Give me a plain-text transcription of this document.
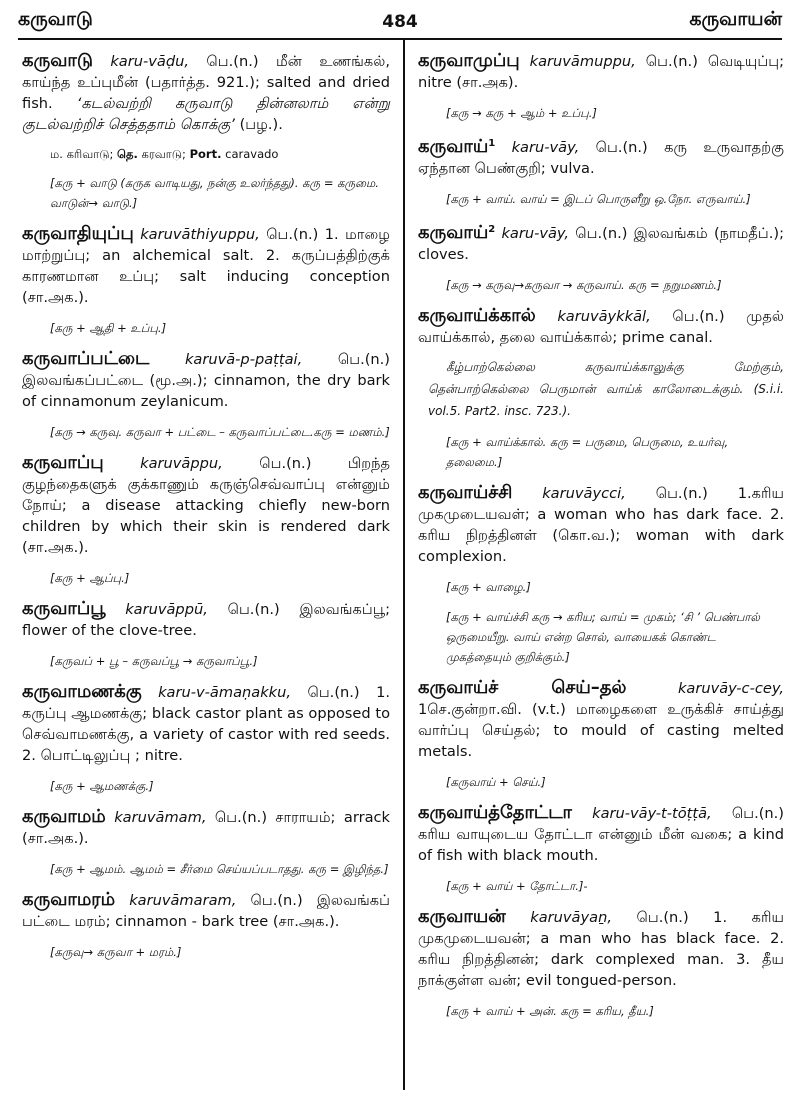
கருவாடு	484	கருவாயன்

கருவாடு karu-vāḍu, பெ.(n.) மீன் உணங்கல், காய்ந்த உப்புமீன் (பதார்த்த. 921.); salted and dried fish. ‘கடல்வற்றி கருவாடு தின்னலாம் என்று குடல்வற்றிச் செத்ததாம் கொக்கு’ (பழ.).

ம. கரிவாடு; தெ. கரவாடு; Port. caravado
[கரு + வாடு (கருக வாடியது, நன்கு உலர்ந்தது). கரு = கருமை. வாடுன்→ வாடு.]

கருவாதியுப்பு karuvāthiyuppu, பெ.(n.) 1. மாழை மாற்றுப்பு; an alchemical salt. 2. கருப்பத்திற்குக் காரணமான உப்பு; salt inducing conception (சா.அக.).

[கரு + ஆதி + உப்பு.]

கருவாப்பட்டை karuvā-p-paṭṭai, பெ.(n.) இலவங்கப்பட்டை (மூ.அ.); cinnamon, the dry bark of cinnamonum zeylanicum.

[கரு → கருவு. கருவா + பட்டை – கருவாப்பட்டை.கரு = மணம்.]

கருவாப்பு	karuvāppu, பெ.(n.) பிறந்த குழந்தைகளுக் குக்காணும் கருஞ்செவ்வாப்பு என்னும் நோய்; a disease attacking chiefly new-born children by which their skin is rendered dark (சா.அக.).

[கரு + ஆப்பு.]

கருவாப்பூ karuvāppū, பெ.(n.) இலவங்கப்பூ; flower of the clove-tree.

[கருவப் + பூ – கருவப்பூ → கருவாப்பூ.]

கருவாமணக்கு karu-v-āmaṇakku, பெ.(n.) 1. கருப்பு ஆமணக்கு; black castor plant as opposed to செவ்வாமணக்கு, a variety of castor with red seeds. 2. பொட்டிலுப்பு ; nitre.

[கரு + ஆமணக்கு.]

கருவாமம் karuvāmam, பெ.(n.) சாராயம்; arrack (சா.அக.).

[கரு + ஆமம். ஆமம் = சீர்மை செய்யப்படாதது. கரு = இழிந்த.]

கருவாமரம் karuvāmaram, பெ.(n.) இலவங்கப் பட்டை மரம்; cinnamon - bark tree (சா.அக.).

[கருவு→ கருவா + மரம்.]

கருவாமுப்பு karuvāmuppu, பெ.(n.) வெடியுப்பு; nitre (சா.அக).

[கரு → கரு + ஆம் + உப்பு.]

கருவாய்$^1$ karu-vāy, பெ.(n.) கரு உருவாதற்கு ஏந்தான பெண்குறி; vulva.

[கரு + வாய். வாய் = இடப் பொருளீறு ஒ.நோ. எருவாய்.]

கருவாய்$^2$ karu-vāy, பெ.(n.) இலவங்கம் (நாமதீப்.); cloves.

[கரு → கருவு→கருவா → கருவாய். கரு = நறுமணம்.]

கருவாய்க்கால் karuvāykkāl, பெ.(n.) முதல் வாய்க்கால், தலை வாய்க்கால்; prime canal.

கீழ்பாற்கெல்லை கருவாய்க்காலுக்கு மேற்கும், தென்பாற்கெல்லை பெருமான் வாய்க் காலோடைக்கும். (S.i.i. vol.5. Part2. insc. 723.).
[கரு + வாய்க்கால். கரு = பருமை, பெருமை, உயர்வு, தலைமை.]

கருவாய்ச்சி karuvāycci, பெ.(n.) 1.கரிய முகமுடையவள்; a woman who has dark face. 2. கரிய நிறத்தினள் (கொ.வ.); woman with dark complexion.

[கரு + வாழை.]
[கரு + வாய்ச்சி கரு → கரிய; வாய் = முகம்; ‘சி ’ பெண்பால் ஒருமையீறு. வாய் என்ற சொல், வாயைகக் கொண்ட முகத்தையும் குறிக்கும்.]

கருவாய்ச் செய்–தல்	karuvāy-c-cey, 1செ.குன்றா.வி. (v.t.) மாழைகளை உருக்கிச் சாய்த்து வார்ப்பு செய்தல்; to mould of casting melted metals.

[கருவாய் + செய்.]

கருவாய்த்தோட்டா karu-vāy-t-tōṭṭā, பெ.(n.) கரிய வாயுடைய தோட்டா என்னும் மீன் வகை; a kind of fish with black mouth.

[கரு + வாய் + தோட்டா.]-

கருவாயன் karuvāyaṉ, பெ.(n.) 1. கரிய முகமுடையவன்; a man who has black face. 2. கரிய நிறத்தினன்; dark complexed man. 3. தீய நாக்குள்ள வன்; evil tongued-person.

[கரு + வாய் + அன். கரு = கரிய, தீய.]
